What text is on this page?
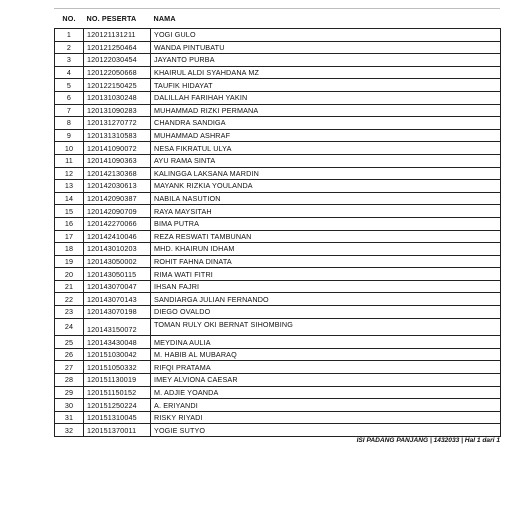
NO.	NO. PESERTA	NAMA
1	120121131211	YOGI GULO
2	120121250464	WANDA PINTUBATU
3	120122030454	JAYANTO PURBA
4	120122050668	KHAIRUL ALDI SYAHDANA MZ
5	120122150425	TAUFIK HIDAYAT
6	120131030248	DALILLAH FARIHAH YAKIN
7	120131090283	MUHAMMAD RIZKI PERMANA
8	120131270772	CHANDRA SANDIGA
9	120131310583	MUHAMMAD ASHRAF
10	120141090072	NESA FIKRATUL ULYA
11	120141090363	AYU RAMA SINTA
12	120142130368	KALINGGA LAKSANA MARDIN
13	120142030613	MAYANK RIZKIA YOULANDA
14	120142090387	NABILA NASUTION
15	120142090709	RAYA MAYSITAH
16	120142270066	BIMA PUTRA
17	120142410046	REZA RESWATI TAMBUNAN
18	120143010203	MHD. KHAIRUN IDHAM
19	120143050002	ROHIT FAHNA DINATA
20	120143050115	RIMA WATI FITRI
21	120143070047	IHSAN FAJRI
22	120143070143	SANDIARGA JULIAN FERNANDO
23	120143070198	DIEGO OVALDO
24	120143150072	TOMAN RULY OKI BERNAT SIHOMBING
25	120143430048	MEYDINA AULIA
26	120151030042	M. HABIB AL MUBARAQ
27	120151050332	RIFQI PRATAMA
28	120151130019	IMEY ALVIONA CAESAR
29	120151150152	M. ADJIE YOANDA
30	120151250224	A. ERIYANDI
31	120151310045	RISKY RIYADI
32	120151370011	YOGIE SUTYO
ISI PADANG PANJANG | 1432033 | Hal 1 dari 1
